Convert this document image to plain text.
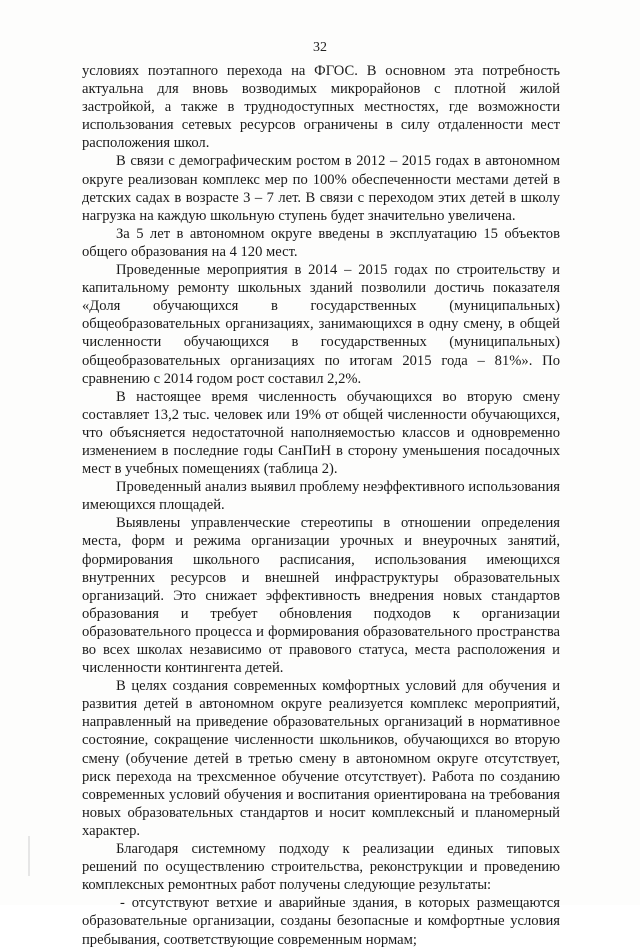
32

условиях поэтапного перехода на ФГОС. В основном эта потребность актуальна для вновь возводимых микрорайонов с плотной жилой застройкой, а также в труднодоступных местностях, где возможности использования сетевых ресурсов ограничены в силу отдаленности мест расположения школ.

В связи с демографическим ростом в 2012 – 2015 годах в автономном округе реализован комплекс мер по 100% обеспеченности местами детей в детских садах в возрасте 3 – 7 лет. В связи с переходом этих детей в школу нагрузка на каждую школьную ступень будет значительно увеличена.

За 5 лет в автономном округе введены в эксплуатацию 15 объектов общего образования на 4 120 мест.

Проведенные мероприятия в 2014 – 2015 годах по строительству и капитальному ремонту школьных зданий позволили достичь показателя «Доля обучающихся в государственных (муниципальных) общеобразовательных организациях, занимающихся в одну смену, в общей численности обучающихся в государственных (муниципальных) общеобразовательных организациях по итогам 2015 года – 81%». По сравнению с 2014 годом рост составил 2,2%.

В настоящее время численность обучающихся во вторую смену составляет 13,2 тыс. человек или 19% от общей численности обучающихся, что объясняется недостаточной наполняемостью классов и одновременно изменением в последние годы СанПиН в сторону уменьшения посадочных мест в учебных помещениях (таблица 2).

Проведенный анализ выявил проблему неэффективного использования имеющихся площадей.

Выявлены управленческие стереотипы в отношении определения места, форм и режима организации урочных и внеурочных занятий, формирования школьного расписания, использования имеющихся внутренних ресурсов и внешней инфраструктуры образовательных организаций. Это снижает эффективность внедрения новых стандартов образования и требует обновления подходов к организации образовательного процесса и формирования образовательного пространства во всех школах независимо от правового статуса, места расположения и численности контингента детей.

В целях создания современных комфортных условий для обучения и развития детей в автономном округе реализуется комплекс мероприятий, направленный на приведение образовательных организаций в нормативное состояние, сокращение численности школьников, обучающихся во вторую смену (обучение детей в третью смену в автономном округе отсутствует, риск перехода на трехсменное обучение отсутствует). Работа по созданию современных условий обучения и воспитания ориентирована на требования новых образовательных стандартов и носит комплексный и планомерный характер.

Благодаря системному подходу к реализации единых типовых решений по осуществлению строительства, реконструкции и проведению комплексных ремонтных работ получены следующие результаты:

- отсутствуют ветхие и аварийные здания, в которых размещаются образовательные организации, созданы безопасные и комфортные условия пребывания, соответствующие современным нормам;
